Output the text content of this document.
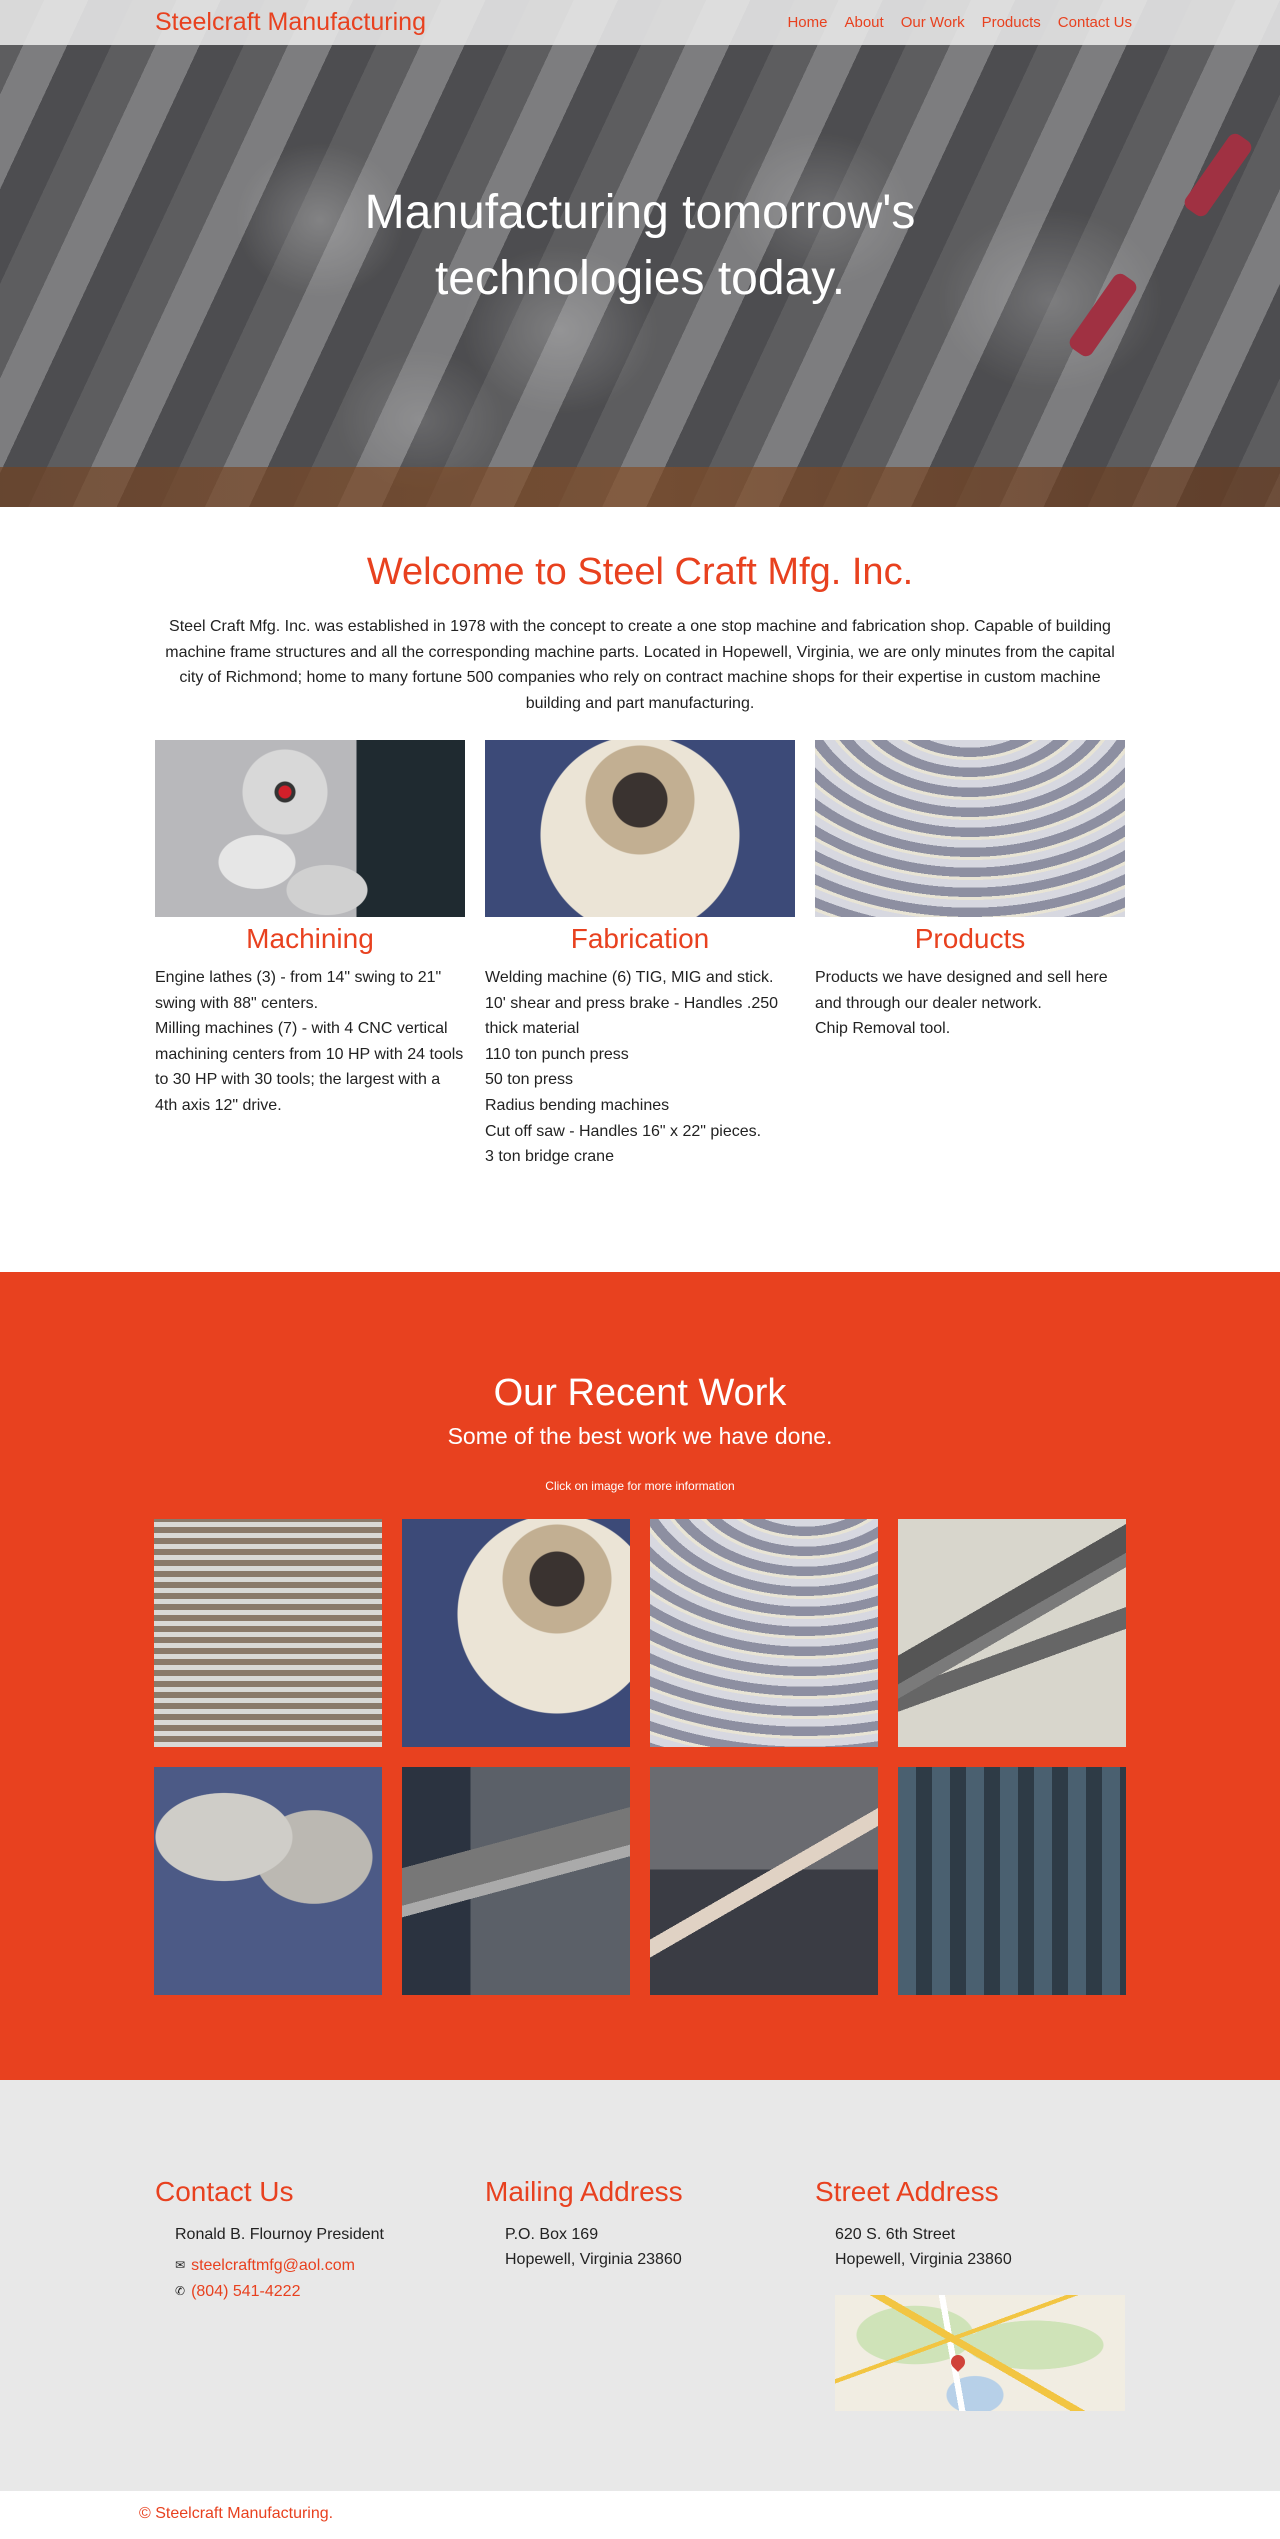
Steelcraft Manufacturing	Home About Our Work Products Contact Us
Manufacturing tomorrow's
technologies today.
Welcome to Steel Craft Mfg. Inc.

Steel Craft Mfg. Inc. was established in 1978 with the concept to create a one stop machine and fabrication shop. Capable of building machine frame structures and all the corresponding machine parts. Located in Hopewell, Virginia, we are only minutes from the capital city of Richmond; home to many fortune 500 companies who rely on contract machine shops for their expertise in custom machine building and part manufacturing.

Machining
Engine lathes (3) - from 14" swing to 21" swing with 88" centers.
Milling machines (7) - with 4 CNC vertical machining centers from 10 HP with 24 tools to 30 HP with 30 tools; the largest with a 4th axis 12" drive.
Fabrication
Welding machine (6) TIG, MIG and stick.
10' shear and press brake - Handles .250 thick material
110 ton punch press
50 ton press
Radius bending machines
Cut off saw - Handles 16" x 22" pieces.
3 ton bridge crane
Products
Products we have designed and sell here and through our dealer network.
Chip Removal tool.
Our Recent Work
Some of the best work we have done.
Click on image for more information
Contact Us
Ronald B. Flournoy President
✉ steelcraftmfg@aol.com
✆ (804) 541-4222
Mailing Address
P.O. Box 169
Hopewell, Virginia 23860
Street Address
620 S. 6th Street
Hopewell, Virginia 23860
© Steelcraft Manufacturing.
